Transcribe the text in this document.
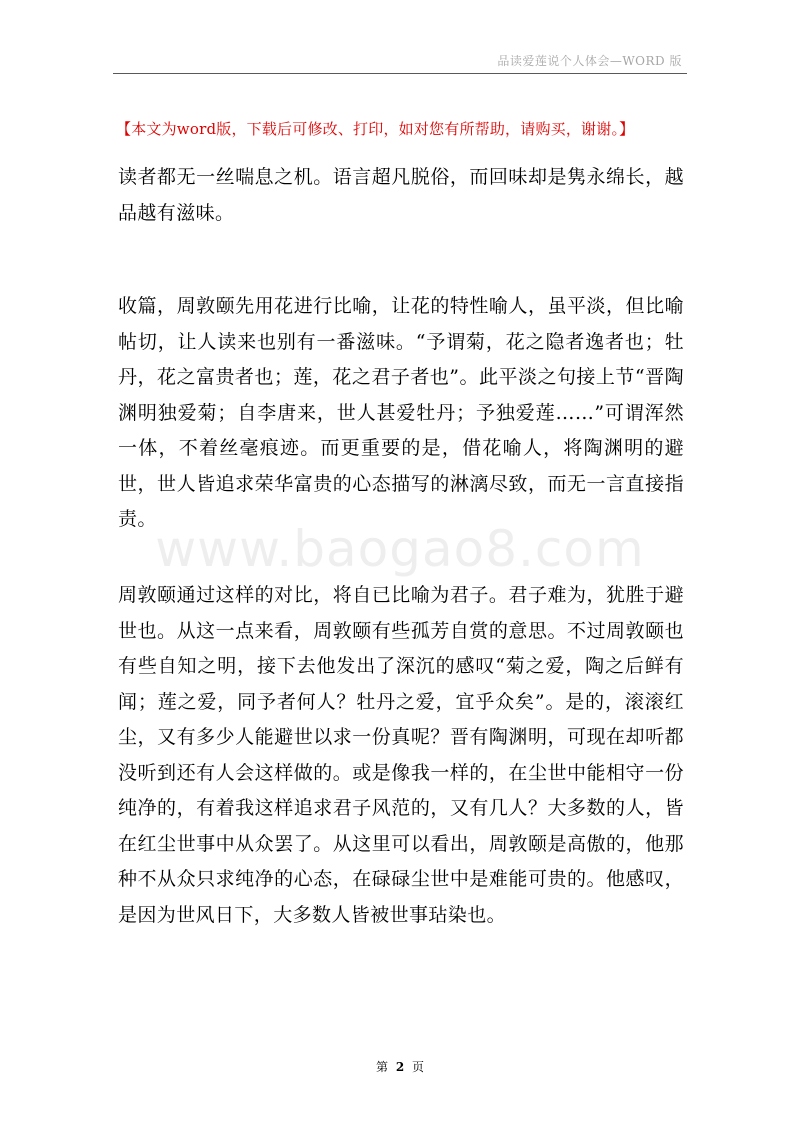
品读爱莲说个人体会—WORD 版
【本文为word版，下载后可修改、打印，如对您有所帮助，请购买，谢谢。】

读者都无一丝喘息之机。语言超凡脱俗，而回味却是隽永绵长，越品越有滋味。

收篇，周敦颐先用花进行比喻，让花的特性喻人，虽平淡，但比喻帖切，让人读来也别有一番滋味。“予谓菊，花之隐者逸者也；牡丹，花之富贵者也；莲，花之君子者也”。此平淡之句接上节“晋陶渊明独爱菊；自李唐来，世人甚爱牡丹；予独爱莲……”可谓浑然一体，不着丝毫痕迹。而更重要的是，借花喻人，将陶渊明的避世，世人皆追求荣华富贵的心态描写的淋漓尽致，而无一言直接指责。

www.baogao8.com

周敦颐通过这样的对比，将自已比喻为君子。君子难为，犹胜于避世也。从这一点来看，周敦颐有些孤芳自赏的意思。不过周敦颐也有些自知之明，接下去他发出了深沉的感叹“菊之爱，陶之后鲜有闻；莲之爱，同予者何人？牡丹之爱，宜乎众矣”。是的，滚滚红尘，又有多少人能避世以求一份真呢？晋有陶渊明，可现在却听都没听到还有人会这样做的。或是像我一样的，在尘世中能相守一份纯净的，有着我这样追求君子风范的，又有几人？大多数的人，皆在红尘世事中从众罢了。从这里可以看出，周敦颐是高傲的，他那种不从众只求纯净的心态，在碌碌尘世中是难能可贵的。他感叹，是因为世风日下，大多数人皆被世事玷染也。

第 2 页
